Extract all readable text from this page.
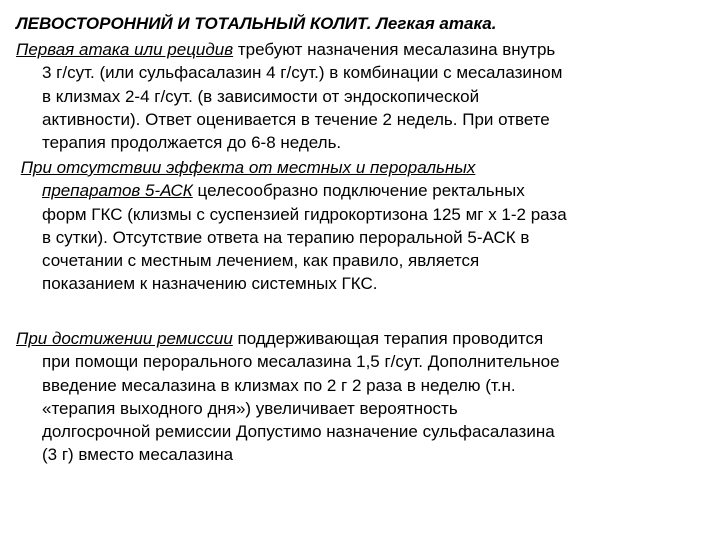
ЛЕВОСТОРОННИЙ И ТОТАЛЬНЫЙ КОЛИТ. Легкая атака.
Первая атака или рецидив требуют назначения месалазина внутрь
3 г/сут. (или сульфасалазин 4 г/сут.) в комбинации с месалазином
в клизмах 2-4 г/сут. (в зависимости от эндоскопической
активности). Ответ оценивается в течение 2 недель. При ответе
терапия продолжается до 6-8 недель.
При отсутствии эффекта от местных и пероральных
препаратов 5-АСК целесообразно подключение ректальных
форм ГКС (клизмы с суспензией гидрокортизона 125 мг х 1-2 раза
в сутки). Отсутствие ответа на терапию пероральной 5-АСК в
сочетании с местным лечением, как правило, является
показанием к назначению системных ГКС.
При достижении ремиссии поддерживающая терапия проводится
при помощи перорального месалазина 1,5 г/сут. Дополнительное
введение месалазина в клизмах по 2 г 2 раза в неделю (т.н.
«терапия выходного дня») увеличивает вероятность
долгосрочной ремиссии Допустимо назначение сульфасалазина
(3 г) вместо месалазина
